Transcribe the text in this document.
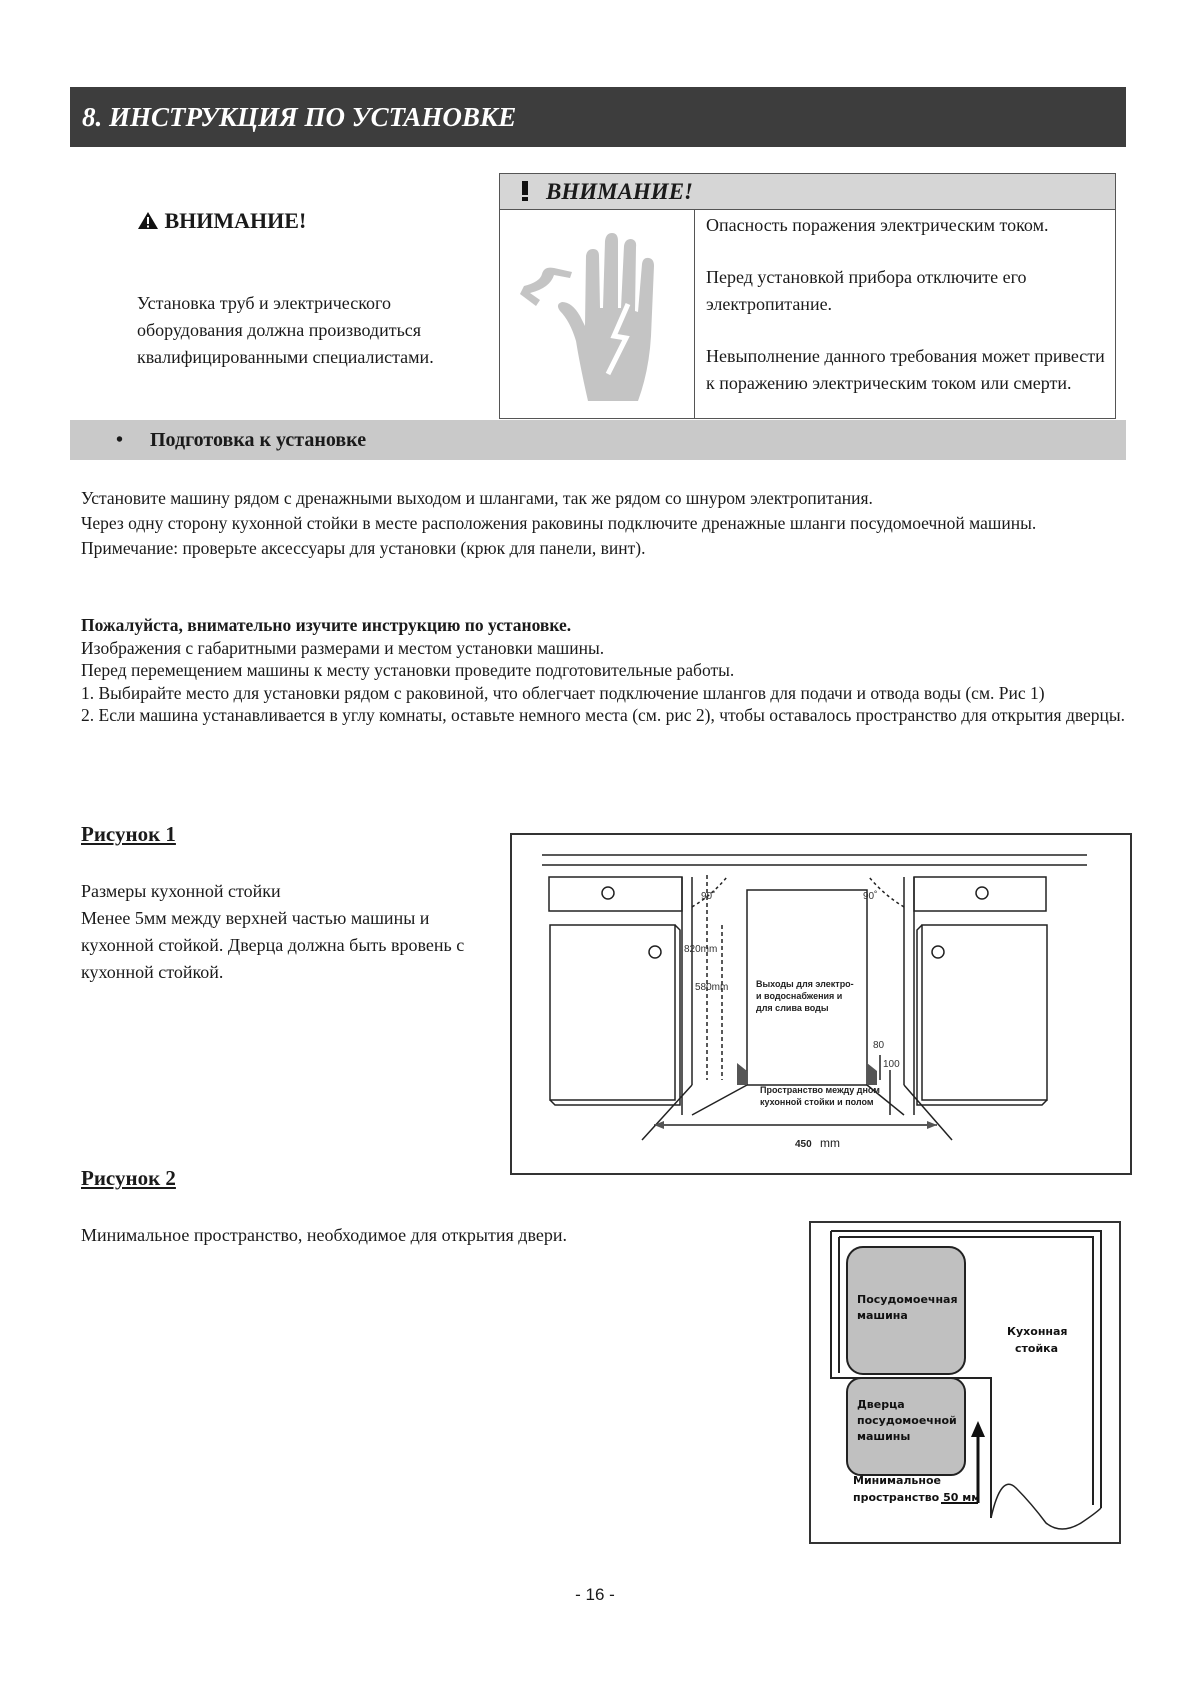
8. ИНСТРУКЦИЯ ПО УСТАНОВКЕ
ВНИМАНИЕ!
Установка труб и электрического оборудования должна производиться квалифицированными специалистами.
ВНИМАНИЕ!

Опасность поражения электрическим током.

Перед установкой прибора отключите его электропитание.

Невыполнение данного требования может привести к поражению электрическим током или смерти.

• Подготовка к установке

Установите машину рядом с дренажными выходом и шлангами, так же рядом со шнуром электропитания.

Через одну сторону кухонной стойки в месте расположения раковины подключите дренажные шланги посудомоечной машины.

Примечание: проверьте аксессуары для установки (крюк для панели, винт).

Пожалуйста, внимательно изучите инструкцию по установке.

Изображения с габаритными размерами и местом установки машины.

Перед перемещением машины к месту установки проведите подготовительные работы.

1. Выбирайте место для установки рядом с раковиной, что облегчает подключение шлангов для подачи и отвода воды (см. Рис 1)

2. Если машина устанавливается в углу комнаты, оставьте немного места (см. рис 2), чтобы оставалось пространство для открытия дверцы.

Рисунок 1

Размеры кухонной стойки

Менее 5мм между верхней частью машины и кухонной стойкой. Дверца должна быть вровень с кухонной стойкой.

90˚	90˚
820mm
580mm
80
100
Выходы для электро-
и водоснабжения и
для слива воды
Пространство между дном
кухонной стойки и полом
450 mm
Рисунок 2
Минимальное пространство, необходимое для открытия двери.
Посудомоечная
машина
Кухонная
стойка
Дверца
посудомоечной
машины
Минимальное
пространство 50 мм
- 16 -
